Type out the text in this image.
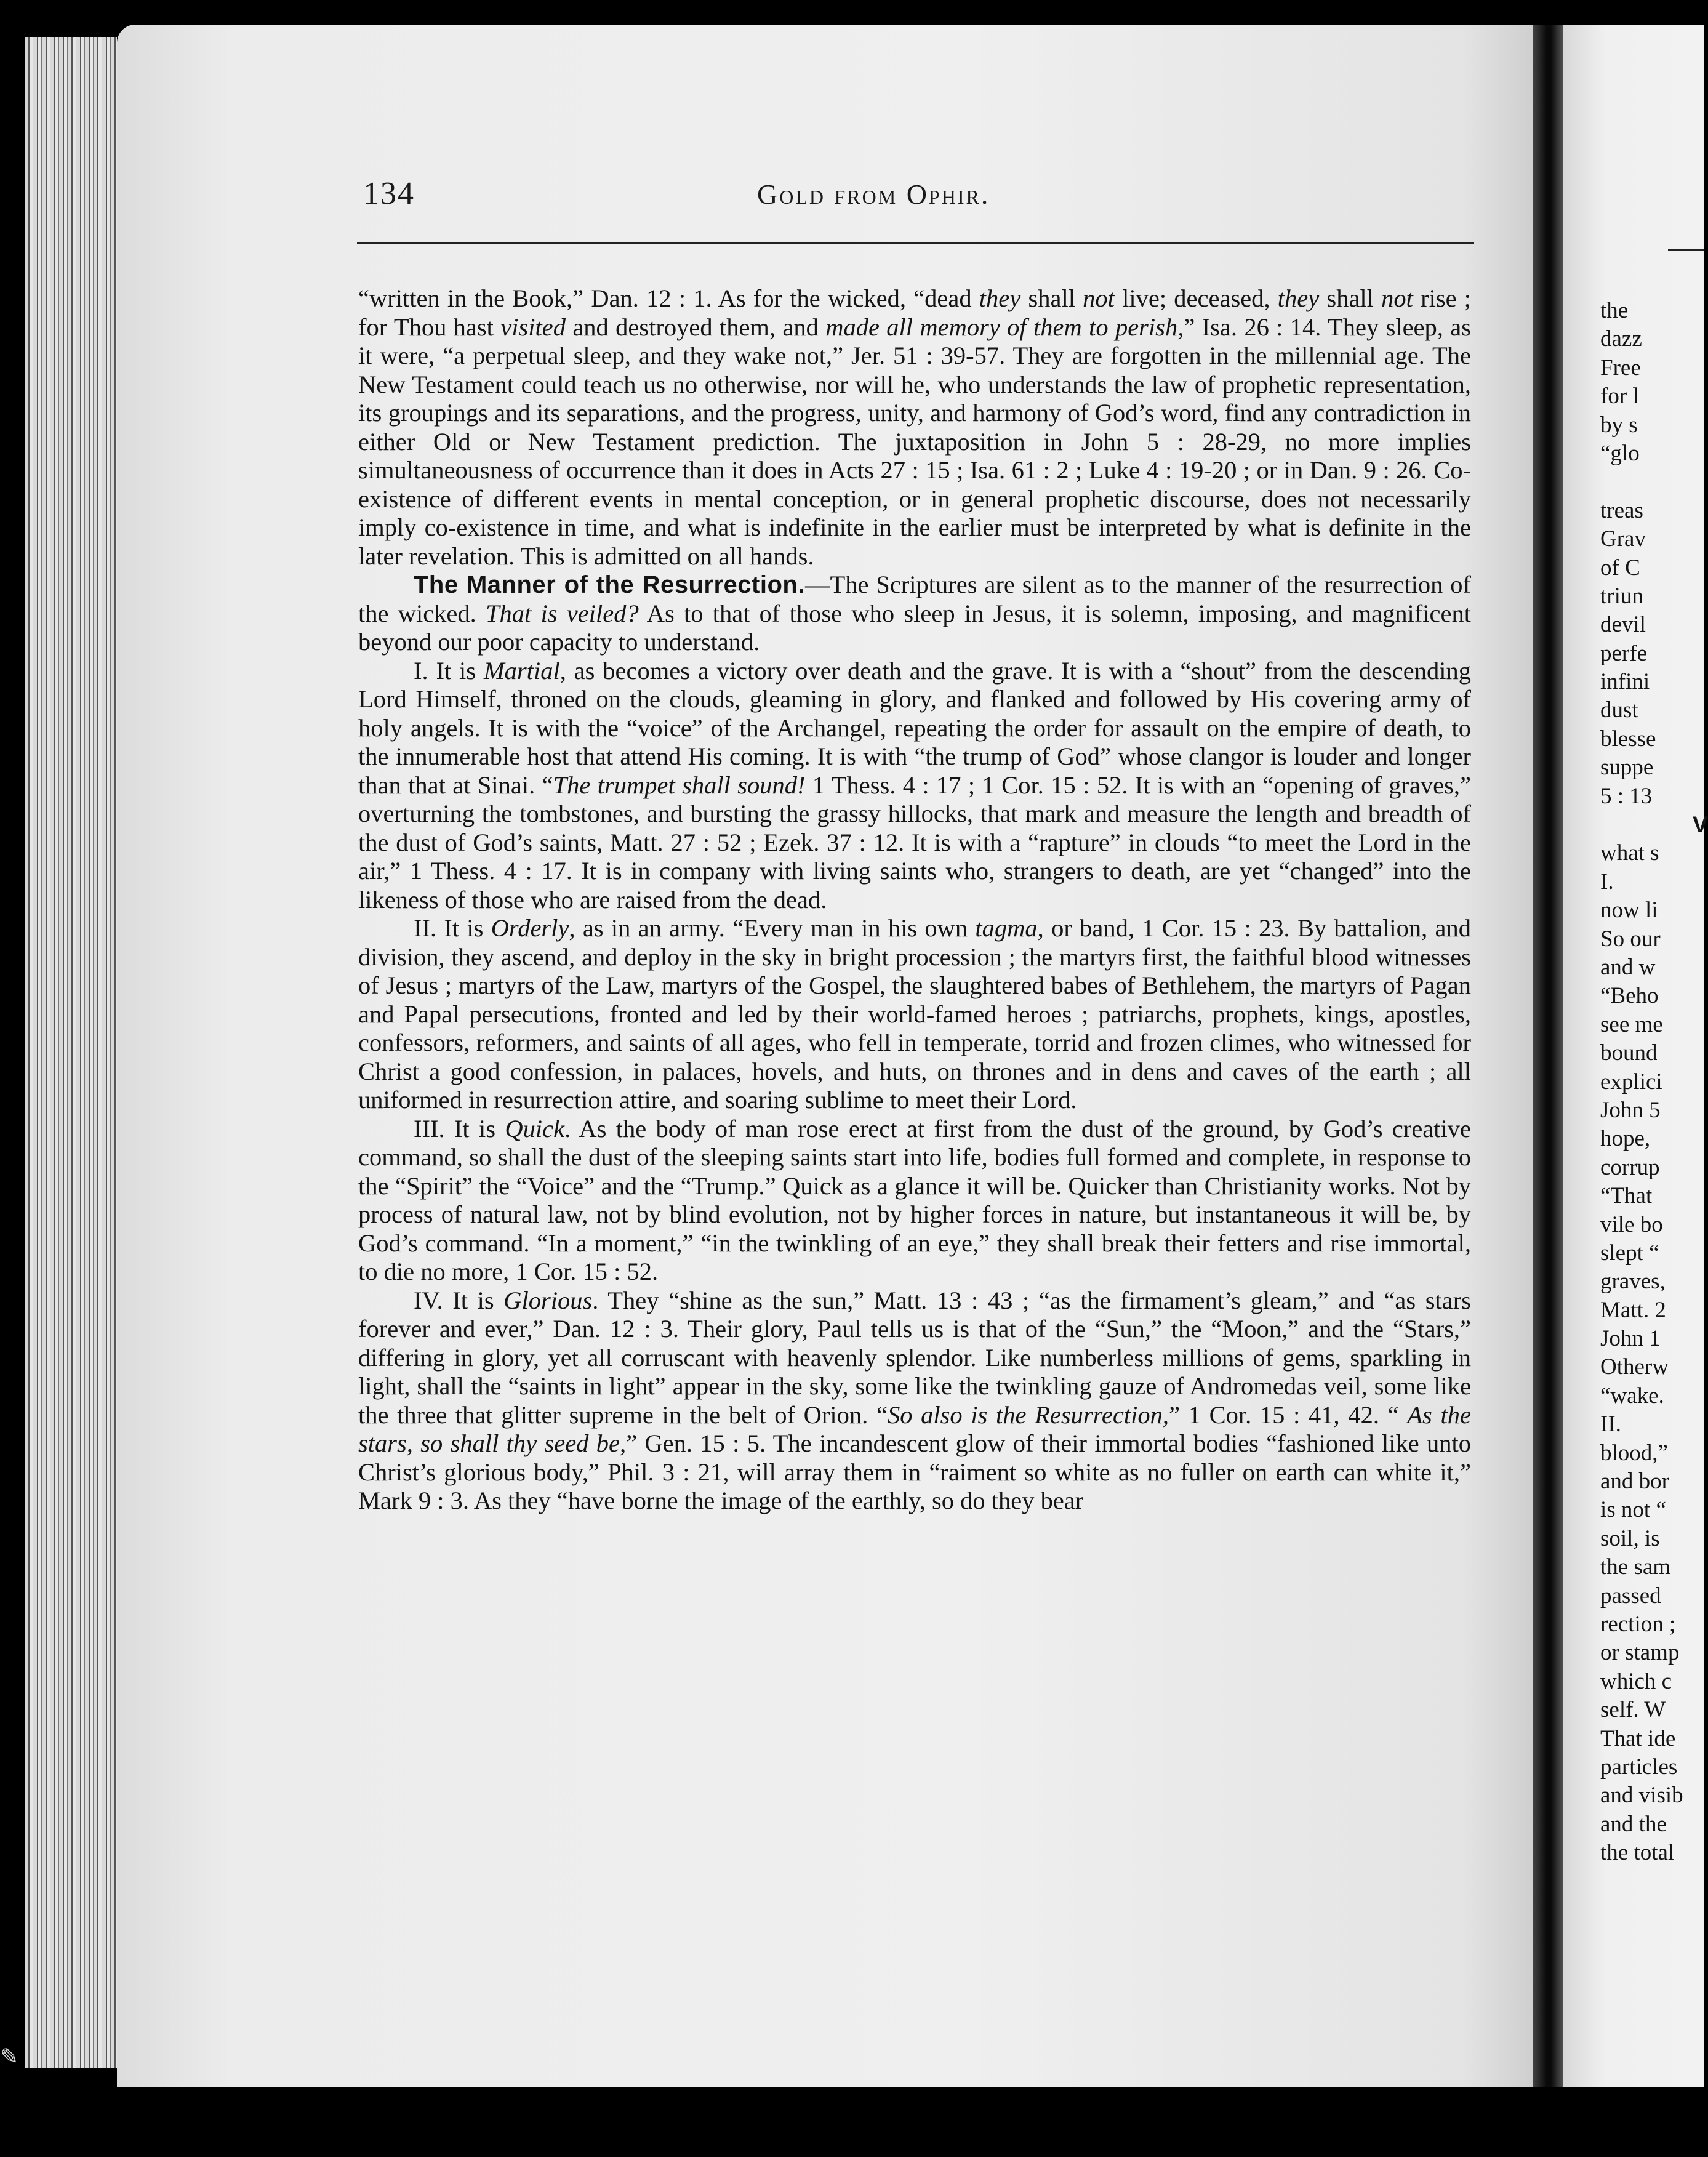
134	Gold from Ophir.

“written in the Book,” Dan. 12 : 1. As for the wicked, “dead they shall not live; deceased, they shall not rise ; for Thou hast visited and destroyed them, and made all memory of them to perish,” Isa. 26 : 14. They sleep, as it were, “a perpetual sleep, and they wake not,” Jer. 51 : 39-57. They are forgotten in the millennial age. The New Testament could teach us no otherwise, nor will he, who understands the law of prophetic representation, its groupings and its separations, and the progress, unity, and harmony of God’s word, find any contradiction in either Old or New Testament prediction. The juxtaposition in John 5 : 28-29, no more implies simultaneousness of occurrence than it does in Acts 27 : 15 ; Isa. 61 : 2 ; Luke 4 : 19-20 ; or in Dan. 9 : 26. Co-existence of different events in mental conception, or in general prophetic discourse, does not necessarily imply co-existence in time, and what is indefinite in the earlier must be interpreted by what is definite in the later revelation. This is admitted on all hands.

The Manner of the Resurrection.—The Scriptures are silent as to the manner of the resurrection of the wicked. That is veiled? As to that of those who sleep in Jesus, it is solemn, imposing, and magnificent beyond our poor capacity to understand.

I. It is Martial, as becomes a victory over death and the grave. It is with a “shout” from the descending Lord Himself, throned on the clouds, gleaming in glory, and flanked and followed by His covering army of holy angels. It is with the “voice” of the Archangel, repeating the order for assault on the empire of death, to the innumerable host that attend His coming. It is with “the trump of God” whose clangor is louder and longer than that at Sinai. “The trumpet shall sound! 1 Thess. 4 : 17 ; 1 Cor. 15 : 52. It is with an “opening of graves,” overturning the tombstones, and bursting the grassy hillocks, that mark and measure the length and breadth of the dust of God’s saints, Matt. 27 : 52 ; Ezek. 37 : 12. It is with a “rapture” in clouds “to meet the Lord in the air,” 1 Thess. 4 : 17. It is in company with living saints who, strangers to death, are yet “changed” into the likeness of those who are raised from the dead.

II. It is Orderly, as in an army. “Every man in his own tagma, or band, 1 Cor. 15 : 23. By battalion, and division, they ascend, and deploy in the sky in bright procession ; the martyrs first, the faithful blood witnesses of Jesus ; martyrs of the Law, martyrs of the Gospel, the slaughtered babes of Bethlehem, the martyrs of Pagan and Papal persecutions, fronted and led by their world-famed heroes ; patriarchs, prophets, kings, apostles, confessors, reformers, and saints of all ages, who fell in temperate, torrid and frozen climes, who witnessed for Christ a good confession, in palaces, hovels, and huts, on thrones and in dens and caves of the earth ; all uniformed in resurrection attire, and soaring sublime to meet their Lord.

III. It is Quick. As the body of man rose erect at first from the dust of the ground, by God’s creative command, so shall the dust of the sleeping saints start into life, bodies full formed and complete, in response to the “Spirit” the “Voice” and the “Trump.” Quick as a glance it will be. Quicker than Christianity works. Not by process of natural law, not by blind evolution, not by higher forces in nature, but instantaneous it will be, by God’s command. “In a moment,” “in the twinkling of an eye,” they shall break their fetters and rise immortal, to die no more, 1 Cor. 15 : 52.

IV. It is Glorious. They “shine as the sun,” Matt. 13 : 43 ; “as the firmament’s gleam,” and “as stars forever and ever,” Dan. 12 : 3. Their glory, Paul tells us is that of the “Sun,” the “Moon,” and the “Stars,” differing in glory, yet all corruscant with heavenly splendor. Like numberless millions of gems, sparkling in light, shall the “saints in light” appear in the sky, some like the twinkling gauze of Andromedas veil, some like the three that glitter supreme in the belt of Orion. “So also is the Resurrection,” 1 Cor. 15 : 41, 42. “ As the stars, so shall thy seed be,” Gen. 15 : 5. The incandescent glow of their immortal bodies “fashioned like unto Christ’s glorious body,” Phil. 3 : 21, will array them in “raiment so white as no fuller on earth can white it,” Mark 9 : 3. As they “have borne the image of the earthly, so do they bear

the
dazz
Free
for l
by s
“glo
treas
Grav
of C
triun
devil
perfe
infini
dust
blesse
suppe
5 : 13
V
what s
I.
now li
So our
and w
“Beho
see me
bound
explici
John 5
hope,
corrup
“That
vile bo
slept “
graves,
Matt. 2
John 1
Otherw
“wake.
II.
blood,”
and bor
is not “
soil, is
the sam
passed
rection ;
or stamp
which c
self. W
That ide
particles
and visib
and the
the total
✎
